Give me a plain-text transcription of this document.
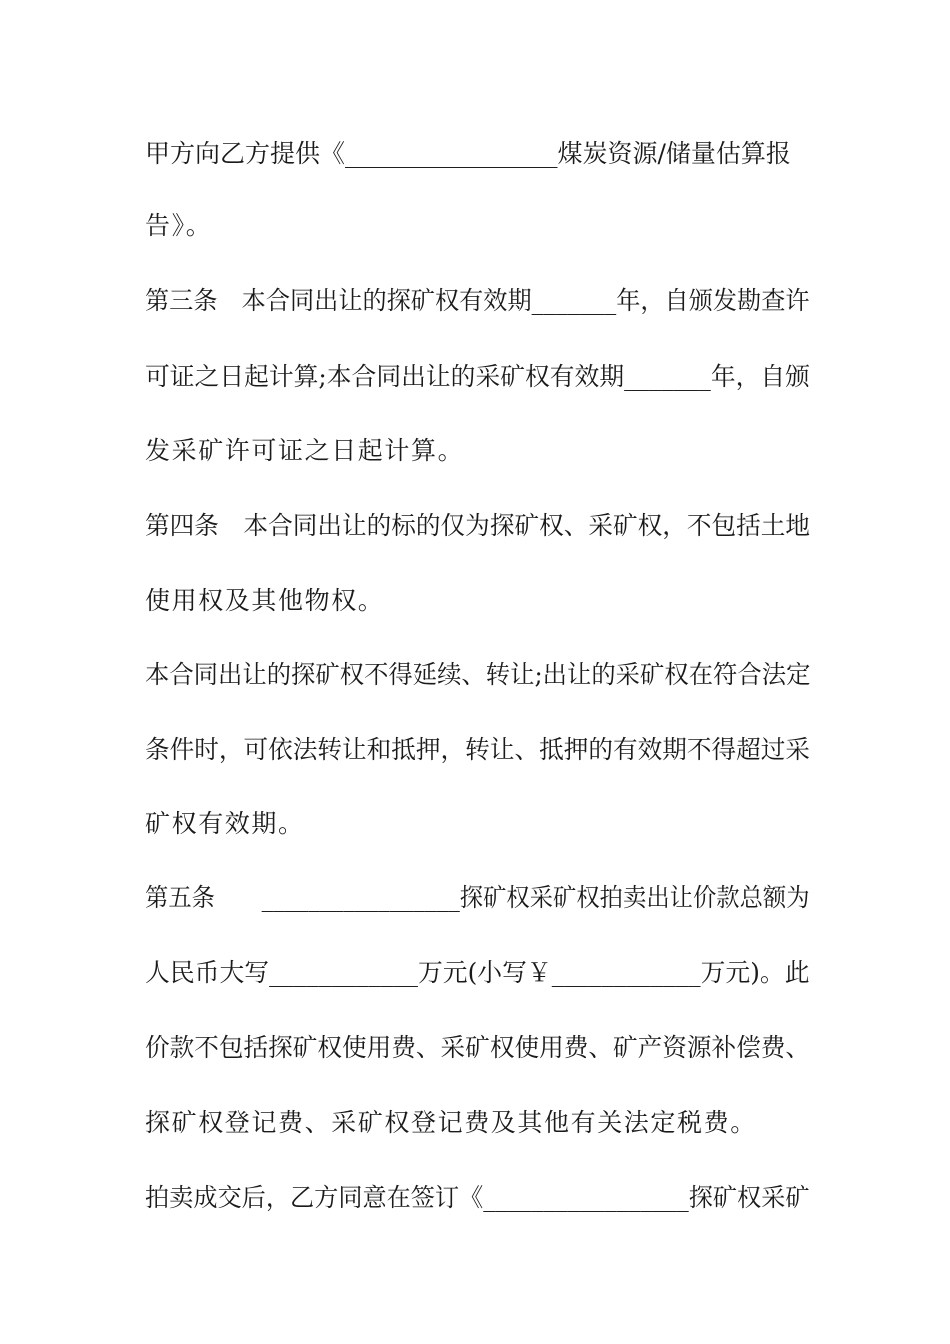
甲方向乙方提供《_________________煤炭资源/储量估算报
告》。
第三条　本合同出让的探矿权有效期_______年，自颁发勘查许
可证之日起计算;本合同出让的采矿权有效期_______年，自颁
发采矿许可证之日起计算。
第四条　本合同出让的标的仅为探矿权、采矿权，不包括土地
使用权及其他物权。
本合同出让的探矿权不得延续、转让;出让的采矿权在符合法定
条件时，可依法转让和抵押，转让、抵押的有效期不得超过采
矿权有效期。
第五条　　_________________探矿权采矿权拍卖出让价款总额为
人民币大写____________万元(小写￥____________万元)。此
价款不包括探矿权使用费、采矿权使用费、矿产资源补偿费、
探矿权登记费、采矿权登记费及其他有关法定税费。
拍卖成交后，乙方同意在签订《_________________探矿权采矿
